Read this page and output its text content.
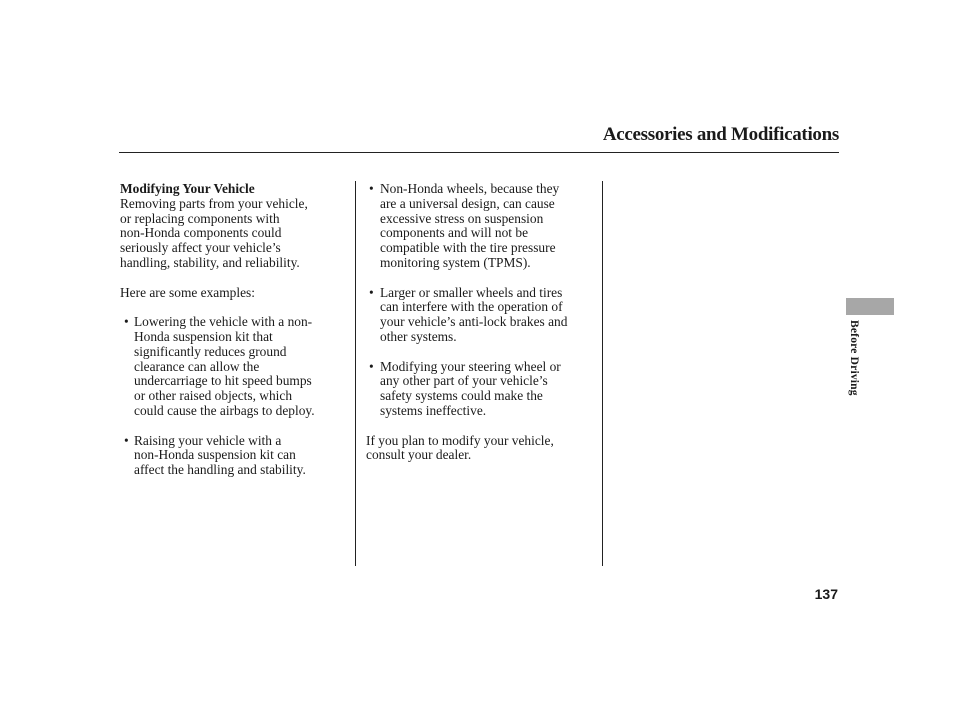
Accessories and Modifications

Modifying Your Vehicle

Removing parts from your vehicle,
or replacing components with
non-Honda components could
seriously affect your vehicle’s
handling, stability, and reliability.

Here are some examples:

• Lowering the vehicle with a non-
Honda suspension kit that
significantly reduces ground
clearance can allow the
undercarriage to hit speed bumps
or other raised objects, which
could cause the airbags to deploy.

• Raising your vehicle with a
non-Honda suspension kit can
affect the handling and stability.

• Non-Honda wheels, because they
are a universal design, can cause
excessive stress on suspension
components and will not be
compatible with the tire pressure
monitoring system (TPMS).

• Larger or smaller wheels and tires
can interfere with the operation of
your vehicle’s anti-lock brakes and
other systems.

• Modifying your steering wheel or
any other part of your vehicle’s
safety systems could make the
systems ineffective.

If you plan to modify your vehicle,
consult your dealer.

Before Driving
137
